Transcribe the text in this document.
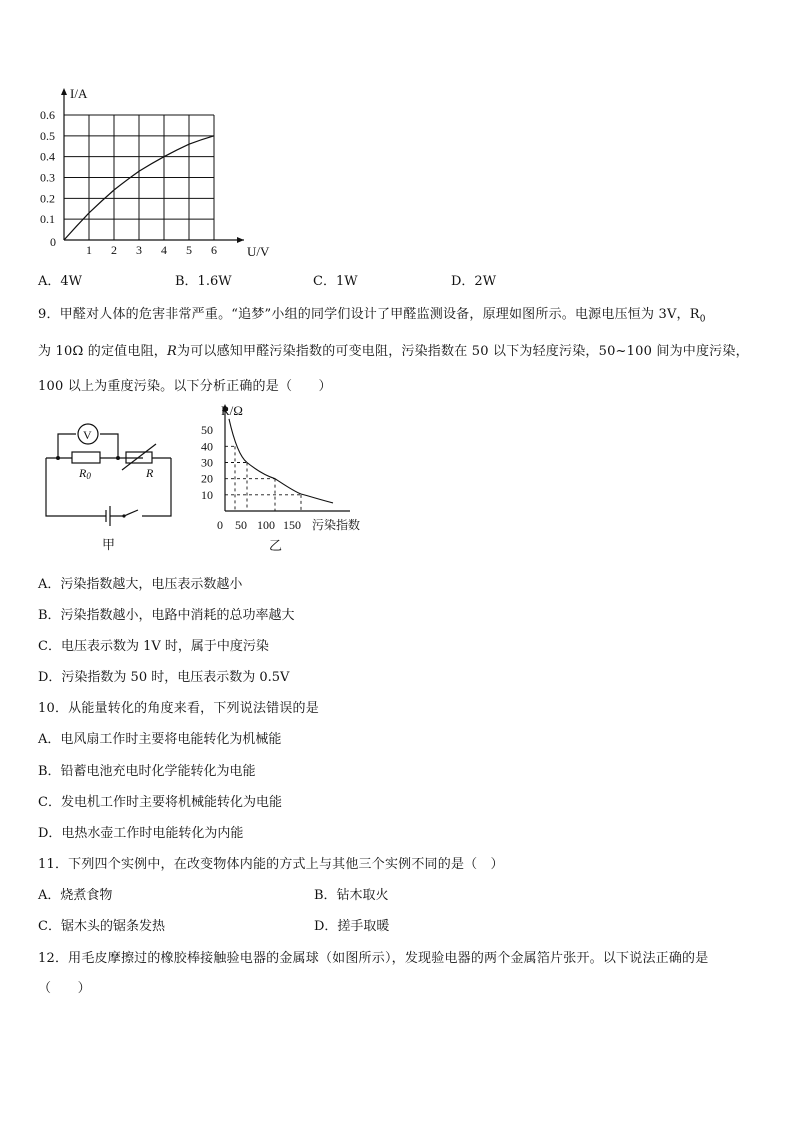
1 2 3 4 5 6
0.1
0.2
0.3
0.4
0.5
0.6
I/A
U/V
0
A．4W	B．1.6W	C．1W	D．2W
9．甲醛对人体的危害非常严重。“追梦”小组的同学们设计了甲醛监测设备，原理如图所示。电源电压恒为 3V，$R_0$
为 10Ω 的定值电阻，R为可以感知甲醛污染指数的可变电阻，污染指数在 50 以下为轻度污染，50~100 间为中度污染，
100 以上为重度污染。以下分析正确的是（　　）
V
R0	R
甲
10
20
30
40
50
0 50 100 150
R/Ω
污染指数
乙
A．污染指数越大，电压表示数越小
B．污染指数越小，电路中消耗的总功率越大
C．电压表示数为 1V 时，属于中度污染
D．污染指数为 50 时，电压表示数为 0.5V
10．从能量转化的角度来看，下列说法错误的是
A．电风扇工作时主要将电能转化为机械能
B．铅蓄电池充电时化学能转化为电能
C．发电机工作时主要将机械能转化为电能
D．电热水壶工作时电能转化为内能
11．下列四个实例中，在改变物体内能的方式上与其他三个实例不同的是（　）
A．烧煮食物	B．钻木取火
C．锯木头的锯条发热	D．搓手取暖
12．用毛皮摩擦过的橡胶棒接触验电器的金属球（如图所示），发现验电器的两个金属箔片张开。以下说法正确的是
（　　）
